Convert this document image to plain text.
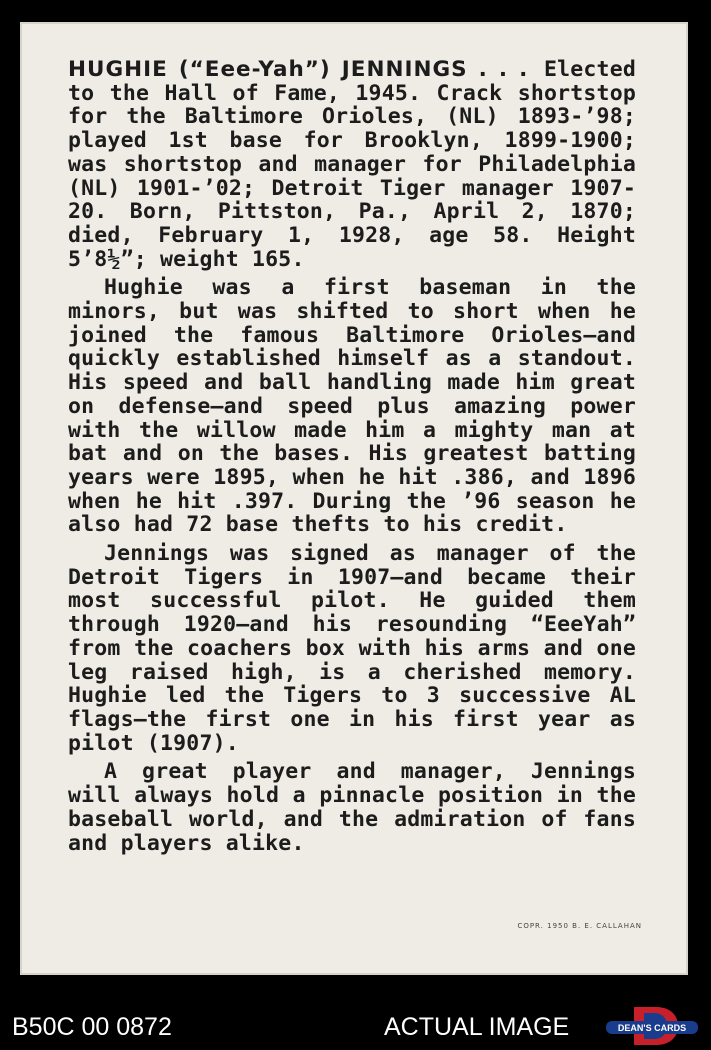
HUGHIE (“Eee-Yah”) JENNINGS . . . Elected to the Hall of Fame, 1945. Crack shortstop for the Baltimore Orioles, (NL) 1893-’98; played 1st base for Brooklyn, 1899-1900; was shortstop and manager for Philadelphia (NL) 1901-’02; Detroit Tiger manager 1907-20. Born, Pittston, Pa., April 2, 1870; died, February 1, 1928, age 58. Height 5’8½”; weight 165.

Hughie was a first baseman in the minors, but was shifted to short when he joined the famous Baltimore Orioles—and quickly established himself as a standout. His speed and ball handling made him great on defense—and speed plus amazing power with the willow made him a mighty man at bat and on the bases. His greatest batting years were 1895, when he hit .386, and 1896 when he hit .397. During the ’96 season he also had 72 base thefts to his credit.

Jennings was signed as manager of the Detroit Tigers in 1907—and became their most successful pilot. He guided them through 1920—and his resounding “EeeYah” from the coachers box with his arms and one leg raised high, is a cherished memory. Hughie led the Tigers to 3 successive AL flags—the first one in his first year as pilot (1907).

A great player and manager, Jennings will always hold a pinnacle position in the baseball world, and the admiration of fans and players alike.

COPR. 1950 B. E. CALLAHAN
B50C 00 0872	ACTUAL IMAGE	DEAN'S CARDS
